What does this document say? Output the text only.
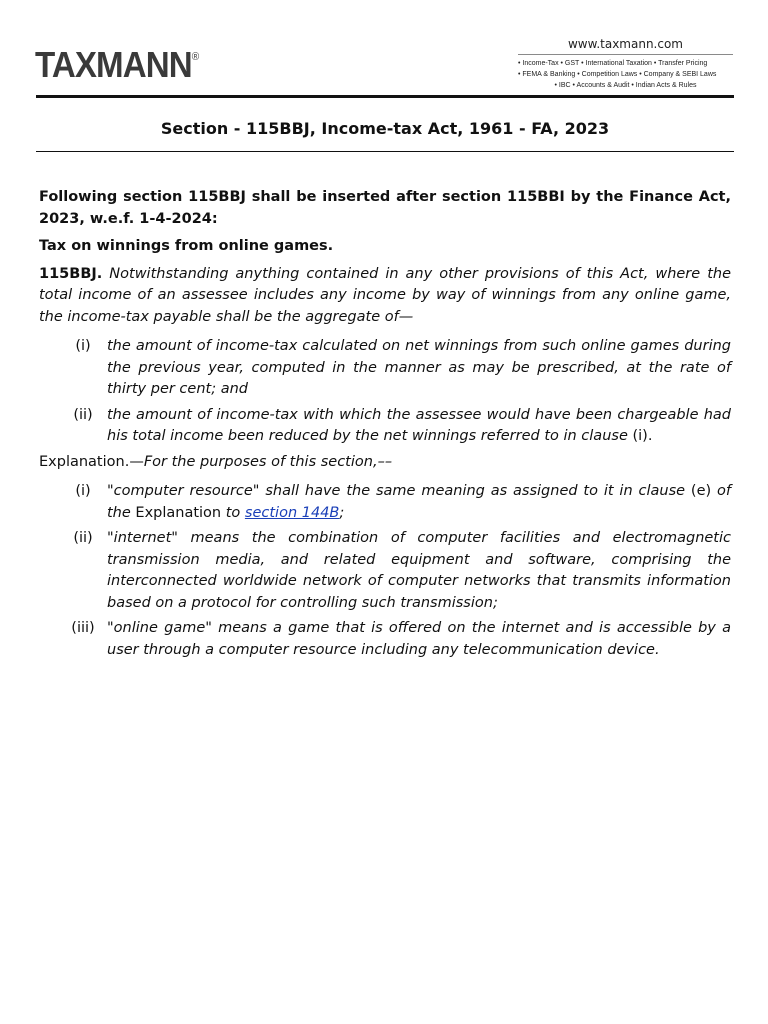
TAXMANN®
www.taxmann.com
• Income-Tax • GST • International Taxation • Transfer Pricing
• FEMA & Banking • Competition Laws • Company & SEBI Laws
• IBC • Accounts & Audit • Indian Acts & Rules
Section - 115BBJ, Income-tax Act, 1961 - FA, 2023

Following section 115BBJ shall be inserted after section 115BBI by the Finance Act, 2023, w.e.f. 1-4-2024:

Tax on winnings from online games.

115BBJ. Notwithstanding anything contained in any other provisions of this Act, where the total income of an assessee includes any income by way of winnings from any online game, the income-tax payable shall be the aggregate of—

(i)	the amount of income-tax calculated on net winnings from such online games during the previous year, computed in the manner as may be prescribed, at the rate of thirty per cent; and
(ii) the amount of income-tax with which the assessee would have been chargeable had his total income been reduced by the net winnings referred to in clause (i).

Explanation.—For the purposes of this section,––

(i)	"computer resource" shall have the same meaning as assigned to it in clause (e) of the Explanation to section 144B;
(ii) "internet" means the combination of computer facilities and electromagnetic transmission media, and related equipment and software, comprising the interconnected worldwide network of computer networks that transmits information based on a protocol for controlling such transmission;
(iii) "online game" means a game that is offered on the internet and is accessible by a user through a computer resource including any telecommunication device.
